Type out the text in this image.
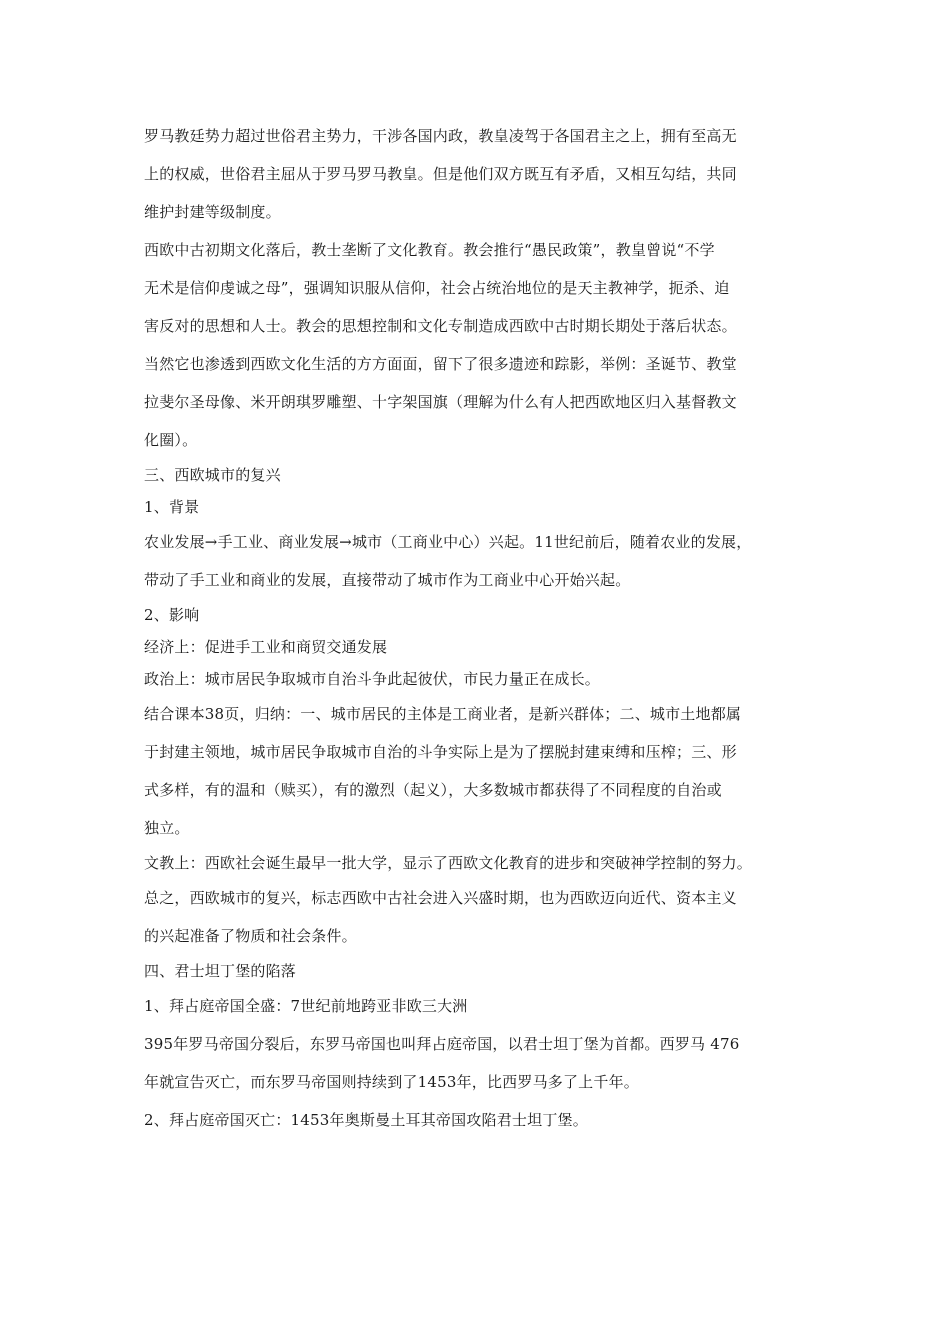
罗马教廷势力超过世俗君主势力，干涉各国内政，教皇凌驾于各国君主之上，拥有至高无
上的权威，世俗君主屈从于罗马罗马教皇。但是他们双方既互有矛盾，又相互勾结，共同
维护封建等级制度。
西欧中古初期文化落后，教士垄断了文化教育。教会推行“愚民政策”，教皇曾说“不学
无术是信仰虔诚之母”，强调知识服从信仰，社会占统治地位的是天主教神学，扼杀、迫
害反对的思想和人士。教会的思想控制和文化专制造成西欧中古时期长期处于落后状态。
当然它也渗透到西欧文化生活的方方面面，留下了很多遗迹和踪影，举例：圣诞节、教堂
拉斐尔圣母像、米开朗琪罗雕塑、十字架国旗（理解为什么有人把西欧地区归入基督教文
化圈）。
三、西欧城市的复兴
1、背景
农业发展→手工业、商业发展→城市（工商业中心）兴起。11世纪前后，随着农业的发展，
带动了手工业和商业的发展，直接带动了城市作为工商业中心开始兴起。
2、影响
经济上：促进手工业和商贸交通发展
政治上：城市居民争取城市自治斗争此起彼伏，市民力量正在成长。
结合课本38页，归纳：一、城市居民的主体是工商业者，是新兴群体；二、城市土地都属
于封建主领地，城市居民争取城市自治的斗争实际上是为了摆脱封建束缚和压榨；三、形
式多样，有的温和（赎买），有的激烈（起义），大多数城市都获得了不同程度的自治或
独立。
文教上：西欧社会诞生最早一批大学，显示了西欧文化教育的进步和突破神学控制的努力。
总之，西欧城市的复兴，标志西欧中古社会进入兴盛时期，也为西欧迈向近代、资本主义
的兴起准备了物质和社会条件。
四、君士坦丁堡的陷落
1、拜占庭帝国全盛：7世纪前地跨亚非欧三大洲
395年罗马帝国分裂后，东罗马帝国也叫拜占庭帝国，以君士坦丁堡为首都。西罗马 476
年就宣告灭亡，而东罗马帝国则持续到了1453年，比西罗马多了上千年。
2、拜占庭帝国灭亡：1453年奥斯曼土耳其帝国攻陷君士坦丁堡。
